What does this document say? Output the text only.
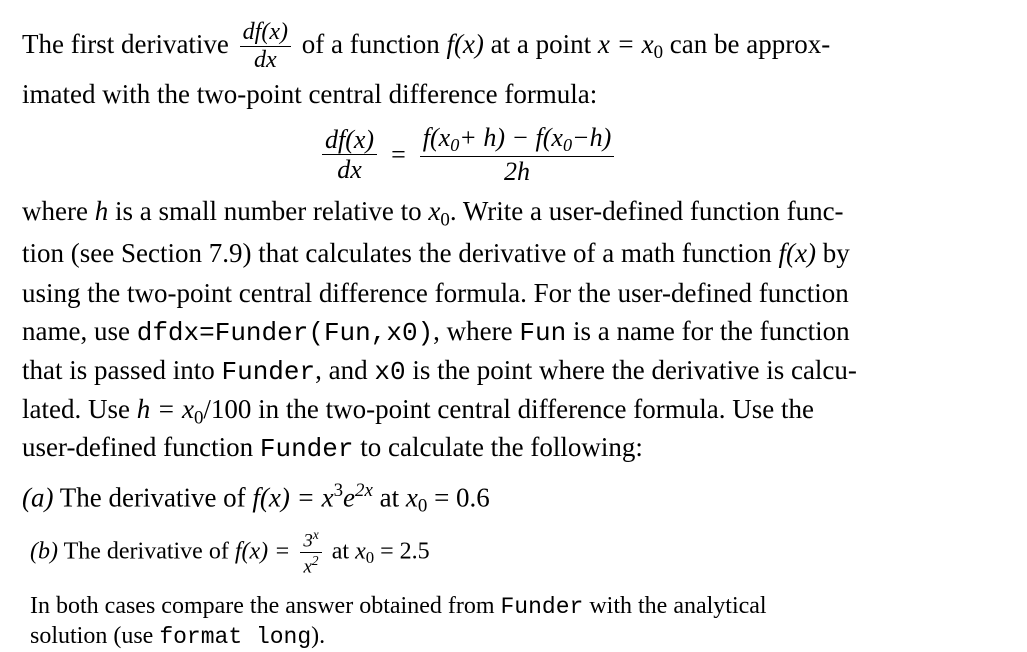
The first derivative $\frac{df(x)}{dx}$ of a function f(x) at a point $x = x_0$ can be approx-
imated with the two-point central difference formula:
$\frac{df(x)}{dx} = \frac{f(x_0+ h) - f(x_0-h)}{2h}$
where h is a small number relative to $x_0$. Write a user-defined function func-
tion (see Section 7.9) that calculates the derivative of a math function f(x) by
using the two-point central difference formula. For the user-defined function
name, use dfdx=Funder(Fun,x0), where Fun is a name for the function
that is passed into Funder, and x0 is the point where the derivative is calcu-
lated. Use $h = x_0/100$ in the two-point central difference formula. Use the
user-defined function Funder to calculate the following:
(a) The derivative of $f(x) = x^3e^{2x}$ at $x_0 = 0.6$
(b) The derivative of $f(x) = \frac{3^x}{x^2}$ at $x_0 = 2.5$
In both cases compare the answer obtained from Funder with the analytical
solution (use format long).
